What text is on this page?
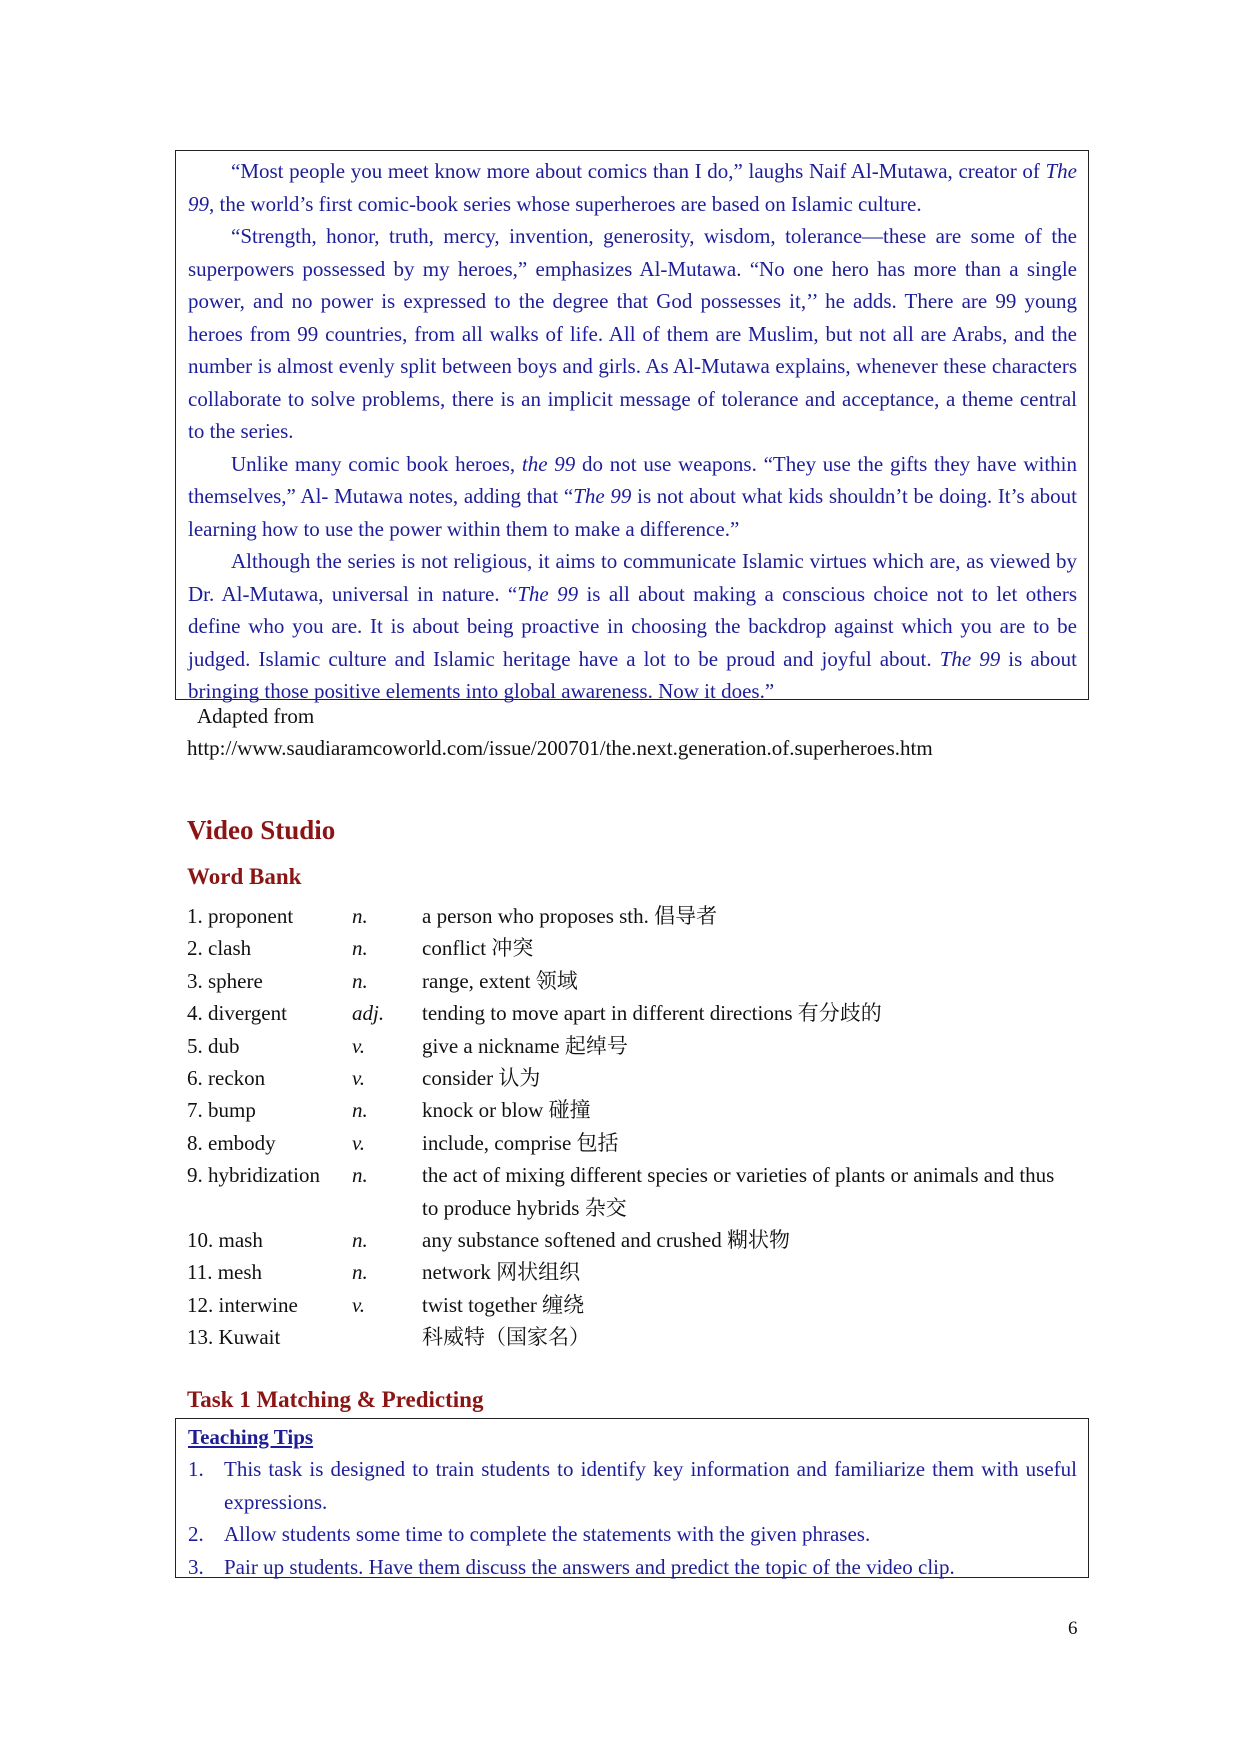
“Most people you meet know more about comics than I do,” laughs Naif Al-Mutawa, creator of The 99, the world’s first comic-book series whose superheroes are based on Islamic culture.

“Strength, honor, truth, mercy, invention, generosity, wisdom, tolerance—these are some of the superpowers possessed by my heroes,” emphasizes Al-Mutawa. “No one hero has more than a single power, and no power is expressed to the degree that God possesses it,’’ he adds. There are 99 young heroes from 99 countries, from all walks of life. All of them are Muslim, but not all are Arabs, and the number is almost evenly split between boys and girls. As Al-Mutawa explains, whenever these characters collaborate to solve problems, there is an implicit message of tolerance and acceptance, a theme central to the series.

Unlike many comic book heroes, the 99 do not use weapons. “They use the gifts they have within themselves,” Al- Mutawa notes, adding that “The 99 is not about what kids shouldn’t be doing. It’s about learning how to use the power within them to make a difference.”

Although the series is not religious, it aims to communicate Islamic virtues which are, as viewed by Dr. Al-Mutawa, universal in nature. “The 99 is all about making a conscious choice not to let others define who you are. It is about being proactive in choosing the backdrop against which you are to be judged. Islamic culture and Islamic heritage have a lot to be proud and joyful about. The 99 is about bringing those positive elements into global awareness. Now it does.”

Adapted from
http://www.saudiaramcoworld.com/issue/200701/the.next.generation.of.superheroes.htm
Video Studio
Word Bank
1. proponent	n.	a person who proposes sth. 倡导者
2. clash	n.	conflict 冲突
3. sphere	n.	range, extent 领域
4. divergent	adj. tending to move apart in different directions 有分歧的
5. dub	v.	give a nickname 起绰号
6. reckon	v.	consider 认为
7. bump	n.	knock or blow 碰撞
8. embody	v.	include, comprise 包括
9. hybridization n.	the act of mixing different species or varieties of plants or animals and thus to produce hybrids 杂交
10. mash	n.	any substance softened and crushed 糊状物
11. mesh	n.	network 网状组织
12. interwine	v.	twist together 缠绕
13. Kuwait	科威特（国家名）
Task 1 Matching & Predicting
Teaching Tips
1. This task is designed to train students to identify key information and familiarize them with useful expressions.
2. Allow students some time to complete the statements with the given phrases.
3. Pair up students. Have them discuss the answers and predict the topic of the video clip.
6
